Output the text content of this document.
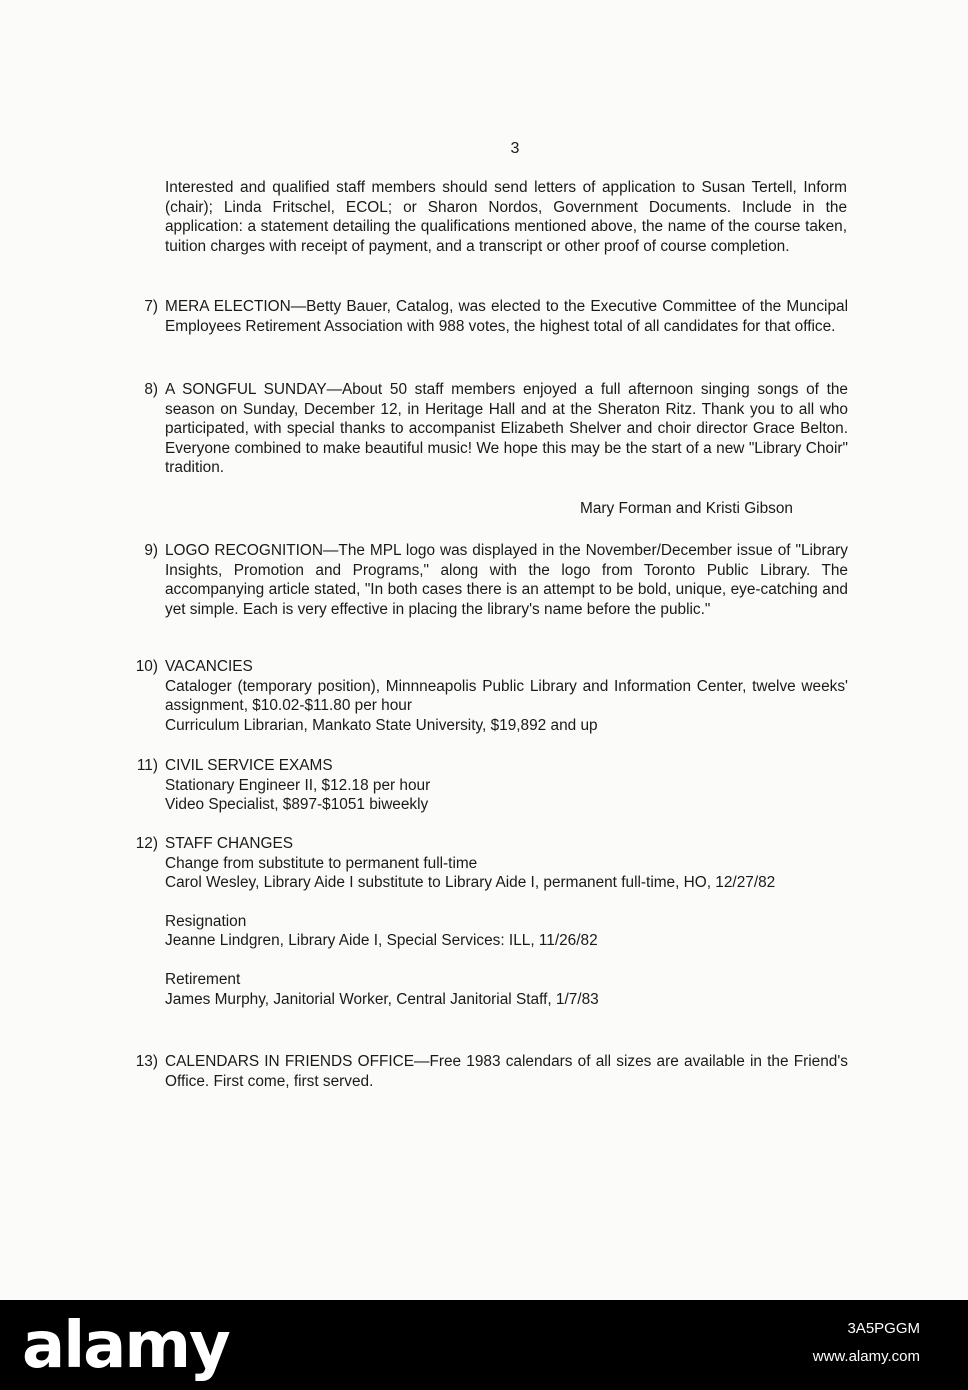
3
Interested and qualified staff members should send letters of application to Susan Tertell, Inform (chair); Linda Fritschel, ECOL; or Sharon Nordos, Government Documents. Include in the application: a statement detailing the qualifications mentioned above, the name of the course taken, tuition charges with receipt of payment, and a transcript or other proof of course completion.
7) MERA ELECTION—Betty Bauer, Catalog, was elected to the Executive Committee of the Muncipal Employees Retirement Association with 988 votes, the highest total of all candidates for that office.
8) A SONGFUL SUNDAY—About 50 staff members enjoyed a full afternoon singing songs of the season on Sunday, December 12, in Heritage Hall and at the Sheraton Ritz. Thank you to all who participated, with special thanks to accompanist Elizabeth Shelver and choir director Grace Belton. Everyone combined to make beautiful music! We hope this may be the start of a new "Library Choir" tradition.
Mary Forman and Kristi Gibson
9) LOGO RECOGNITION—The MPL logo was displayed in the November/December issue of "Library Insights, Promotion and Programs," along with the logo from Toronto Public Library. The accompanying article stated, "In both cases there is an attempt to be bold, unique, eye-catching and yet simple. Each is very effective in placing the library's name before the public."
10) VACANCIES
Cataloger (temporary position), Minnneapolis Public Library and Information Center, twelve weeks' assignment, $10.02-$11.80 per hour
Curriculum Librarian, Mankato State University, $19,892 and up
11) CIVIL SERVICE EXAMS
Stationary Engineer II, $12.18 per hour
Video Specialist, $897-$1051 biweekly
12) STAFF CHANGES
Change from substitute to permanent full-time
Carol Wesley, Library Aide I substitute to Library Aide I, permanent full-time, HO, 12/27/82
Resignation
Jeanne Lindgren, Library Aide I, Special Services: ILL, 11/26/82
Retirement
James Murphy, Janitorial Worker, Central Janitorial Staff, 1/7/83
13) CALENDARS IN FRIENDS OFFICE—Free 1983 calendars of all sizes are available in the Friend's Office. First come, first served.
alamy	3A5PGGM
www.alamy.com
